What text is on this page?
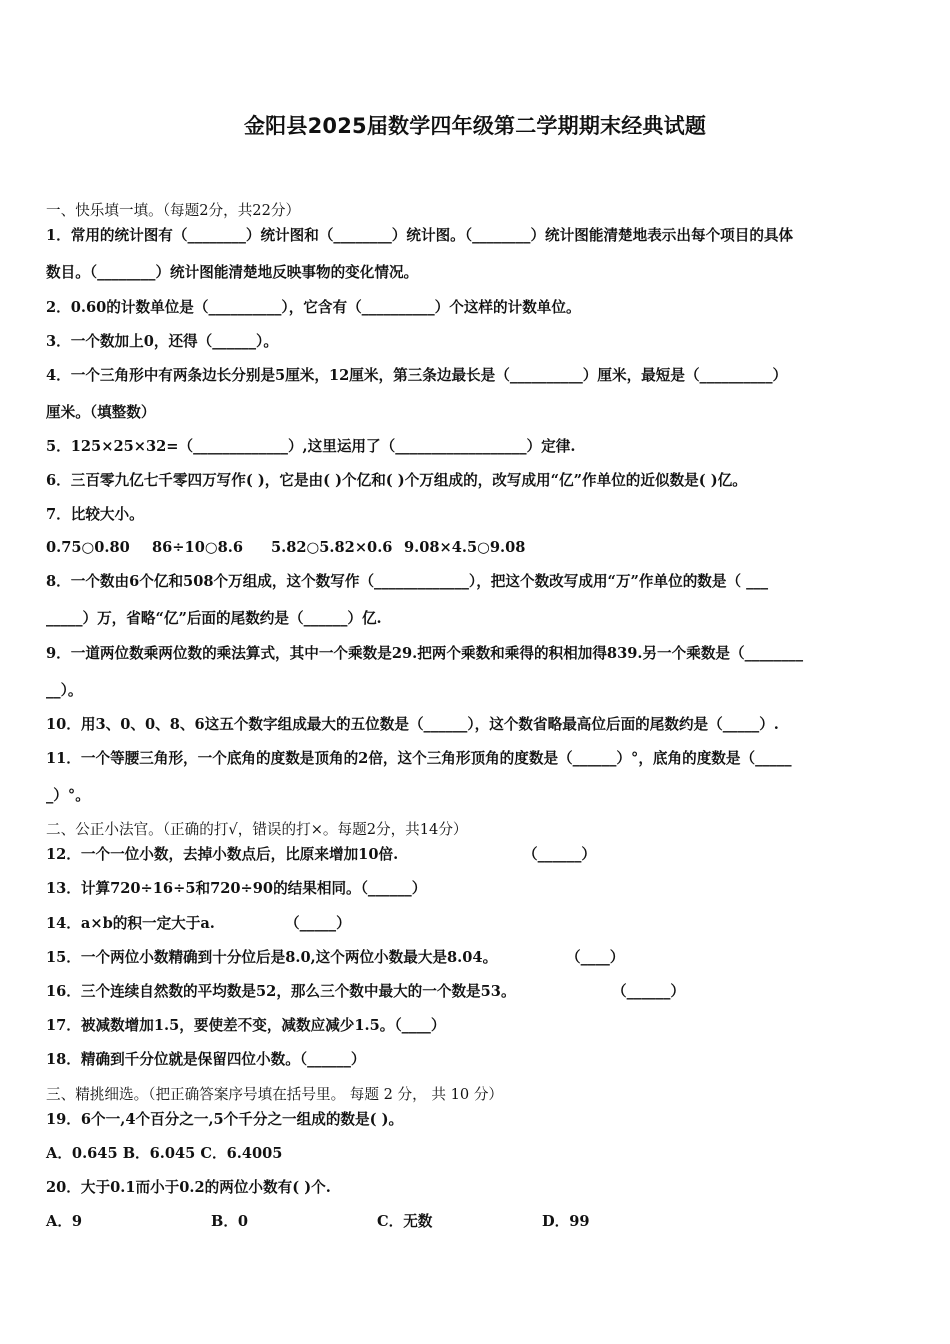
金阳县2025届数学四年级第二学期期末经典试题
一、快乐填一填。（每题2分，共22分）
1．常用的统计图有（________）统计图和（________）统计图。（________）统计图能清楚地表示出每个项目的具体
数目。（________）统计图能清楚地反映事物的变化情况。
2．0.60的计数单位是（__________），它含有（__________）个这样的计数单位。
3．一个数加上0，还得（______）。
4．一个三角形中有两条边长分别是5厘米，12厘米，第三条边最长是（__________）厘米，最短是（__________）
厘米。（填整数）
5．125×25×32=（_____________）,这里运用了（__________________）定律.
6．三百零九亿七千零四万写作( )，它是由( )个亿和( )个万组成的，改写成用“亿”作单位的近似数是( )亿。
7．比较大小。
0.75○0.80 86÷10○8.6 5.82○5.82×0.6 9.08×4.5○9.08
8．一个数由6个亿和508个万组成，这个数写作（_____________），把这个数改写成用“万”作单位的数是（ ___
_____）万，省略“亿”后面的尾数约是（______）亿.
9．一道两位数乘两位数的乘法算式，其中一个乘数是29.把两个乘数和乘得的积相加得839.另一个乘数是（________
__）。
10．用3、0、0、8、6这五个数字组成最大的五位数是（______），这个数省略最高位后面的尾数约是（_____）.
11．一个等腰三角形，一个底角的度数是顶角的2倍，这个三角形顶角的度数是（______）°，底角的度数是（_____
_）°。
二、公正小法官。（正确的打√，错误的打×。每题2分，共14分）
12．一个一位小数，去掉小数点后，比原来增加10倍.	（______）
13．计算720÷16÷5和720÷90的结果相同。（______）
14．a×b的积一定大于a.	（_____）
15．一个两位小数精确到十分位后是8.0,这个两位小数最大是8.04。	（____）
16．三个连续自然数的平均数是52，那么三个数中最大的一个数是53。	（______）
17．被减数增加1.5，要使差不变，减数应减少1.5。（____）
18．精确到千分位就是保留四位小数。（______）
三、精挑细选。（把正确答案序号填在括号里。 每题 2 分， 共 10 分）
19．6个一,4个百分之一,5个千分之一组成的数是( )。
A．0.645 B．6.045 C．6.4005
20．大于0.1而小于0.2的两位小数有( )个.
A．9	B．0	C．无数	D．99
